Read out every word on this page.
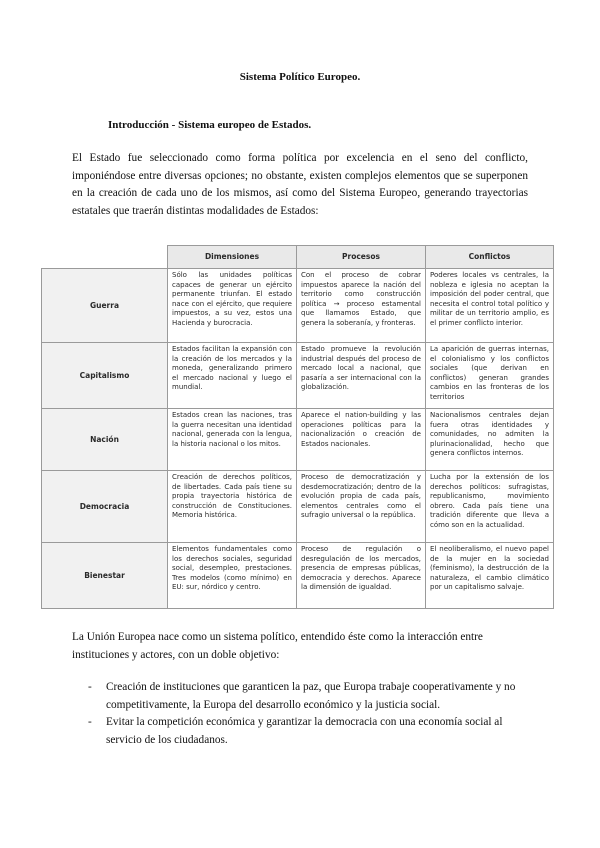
Sistema Político Europeo.
Introducción - Sistema europeo de Estados.
El Estado fue seleccionado como forma política por excelencia en el seno del conflicto, imponiéndose entre diversas opciones; no obstante, existen complejos elementos que se superponen en la creación de cada uno de los mismos, así como del Sistema Europeo, generando trayectorias estatales que traerán distintas modalidades de Estados:
	Dimensiones	Procesos	Conflictos
Guerra	Sólo las unidades políticas capaces de generar un ejército permanente triunfan. El estado nace con el ejército, que requiere impuestos, a su vez, estos una Hacienda y burocracia.	Con el proceso de cobrar impuestos aparece la nación del territorio como construcción política → proceso estamental que llamamos Estado, que genera la soberanía, y fronteras.	Poderes locales vs centrales, la nobleza e iglesia no aceptan la imposición del poder central, que necesita el control total político y militar de un territorio amplio, es el primer conflicto interior.
Capitalismo	Estados facilitan la expansión con la creación de los mercados y la moneda, generalizando primero el mercado nacional y luego el mundial.	Estado promueve la revolución industrial después del proceso de mercado local a nacional, que pasaría a ser internacional con la globalización.	La aparición de guerras internas, el colonialismo y los conflictos sociales (que derivan en conflictos) generan grandes cambios en las fronteras de los territorios
Nación	Estados crean las naciones, tras la guerra necesitan una identidad nacional, generada con la lengua, la historia nacional o los mitos.	Aparece el nation-building y las operaciones políticas para la nacionalización o creación de Estados nacionales.	Nacionalismos centrales dejan fuera otras identidades y comunidades, no admiten la plurinacionalidad, hecho que genera conflictos internos.
Democracia	Creación de derechos políticos, de libertades. Cada país tiene su propia trayectoria histórica de construcción de Constituciones. Memoria histórica.	Proceso de democratización y desdemocratización; dentro de la evolución propia de cada país, elementos centrales como el sufragio universal o la república.	Lucha por la extensión de los derechos políticos: sufragistas, republicanismo, movimiento obrero. Cada país tiene una tradición diferente que lleva a cómo son en la actualidad.
Bienestar	Elementos fundamentales como los derechos sociales, seguridad social, desempleo, prestaciones. Tres modelos (como mínimo) en EU: sur, nórdico y centro.	Proceso de regulación o desregulación de los mercados, presencia de empresas públicas, democracia y derechos. Aparece la dimensión de igualdad.	El neoliberalismo, el nuevo papel de la mujer en la sociedad (feminismo), la destrucción de la naturaleza, el cambio climático por un capitalismo salvaje.
La Unión Europea nace como un sistema político, entendido éste como la interacción entre instituciones y actores, con un doble objetivo:
- Creación de instituciones que garanticen la paz, que Europa trabaje cooperativamente y no competitivamente, la Europa del desarrollo económico y la justicia social.
- Evitar la competición económica y garantizar la democracia con una economía social al servicio de los ciudadanos.
